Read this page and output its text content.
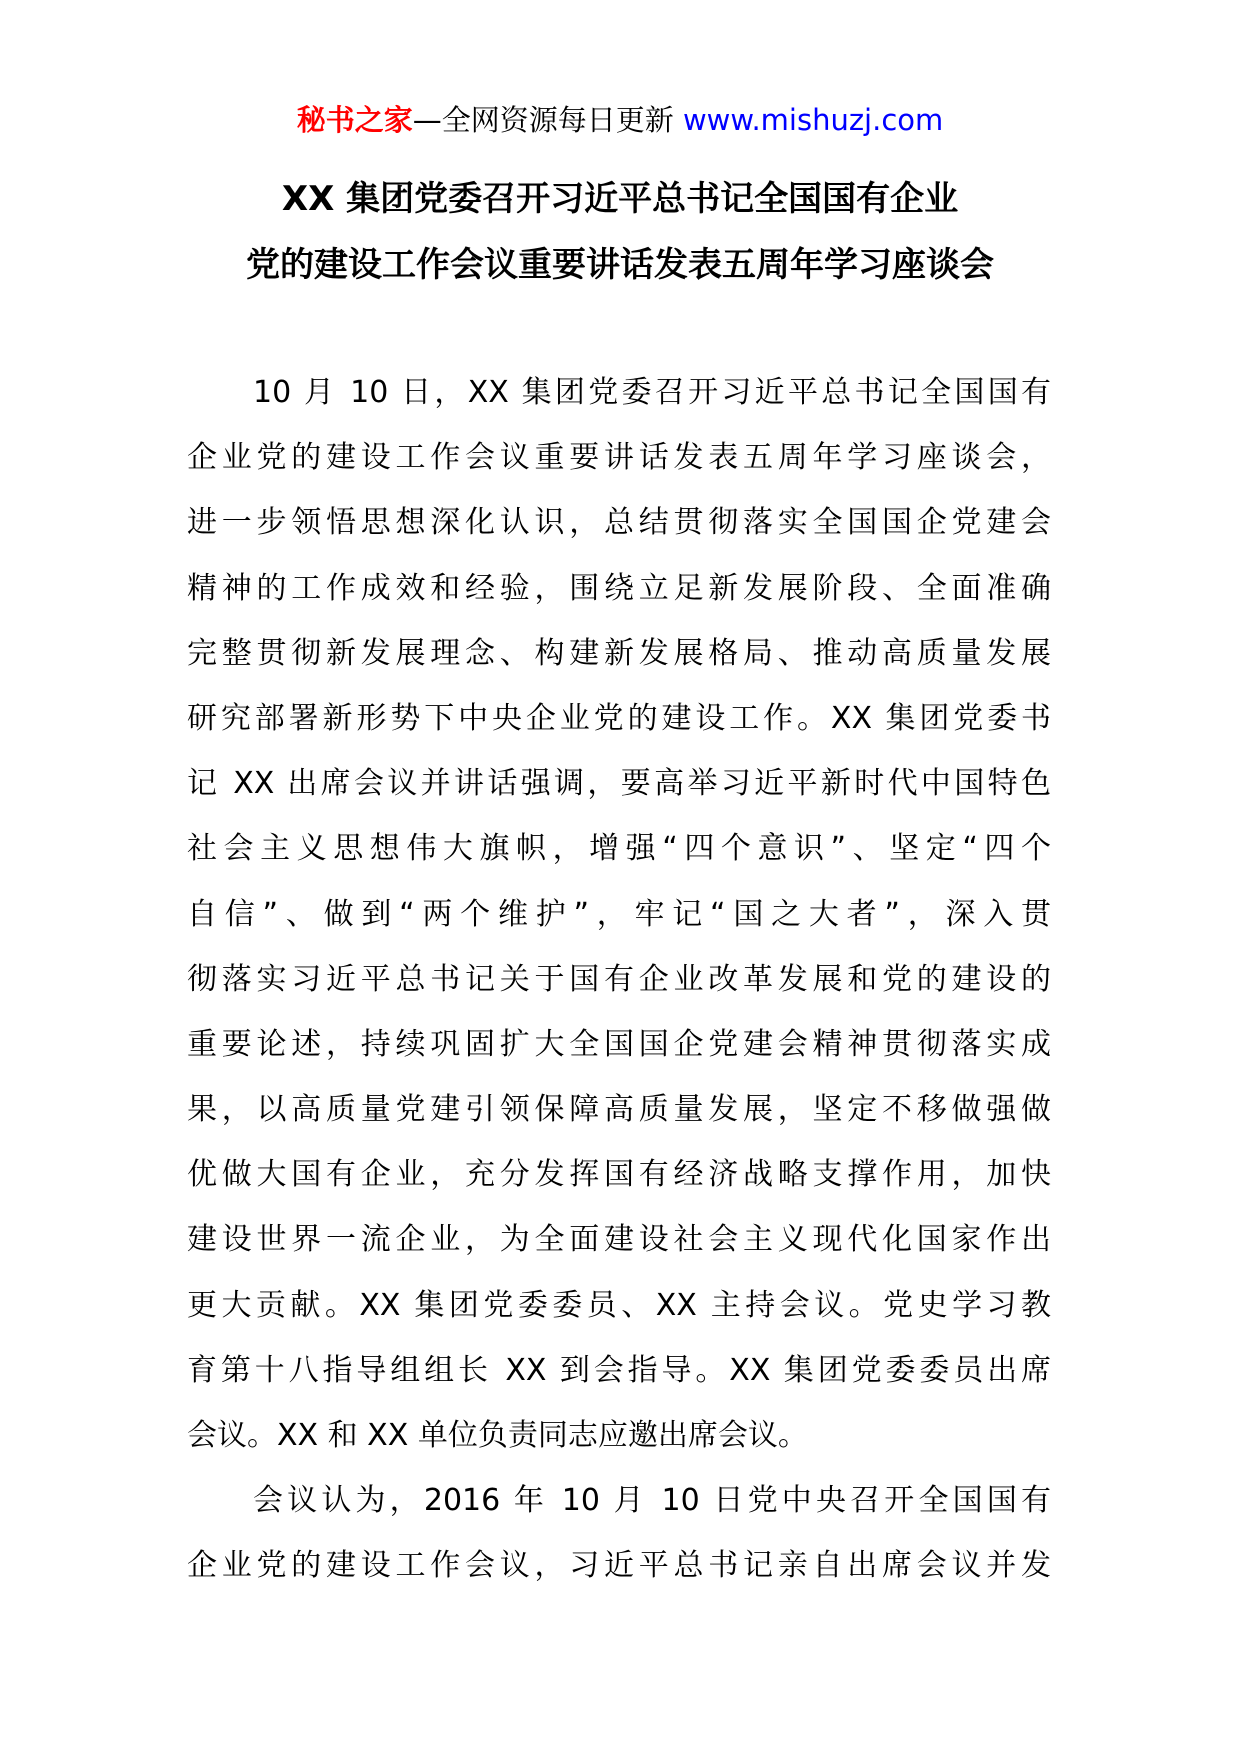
秘书之家—全网资源每日更新 www.mishuzj.com
XX 集团党委召开习近平总书记全国国有企业
党的建设工作会议重要讲话发表五周年学习座谈会
10 月 10 日，XX 集团党委召开习近平总书记全国国有
企业党的建设工作会议重要讲话发表五周年学习座谈会，
进一步领悟思想深化认识，总结贯彻落实全国国企党建会
精神的工作成效和经验，围绕立足新发展阶段、全面准确
完整贯彻新发展理念、构建新发展格局、推动高质量发展
研究部署新形势下中央企业党的建设工作。XX 集团党委书
记 XX 出席会议并讲话强调，要高举习近平新时代中国特色
社会主义思想伟大旗帜，增强“四个意识”、坚定“四个
自信”、做到“两个维护”，牢记“国之大者”，深入贯
彻落实习近平总书记关于国有企业改革发展和党的建设的
重要论述，持续巩固扩大全国国企党建会精神贯彻落实成
果，以高质量党建引领保障高质量发展，坚定不移做强做
优做大国有企业，充分发挥国有经济战略支撑作用，加快
建设世界一流企业，为全面建设社会主义现代化国家作出
更大贡献。XX 集团党委委员、XX 主持会议。党史学习教
育第十八指导组组长 XX 到会指导。XX 集团党委委员出席
会议。XX 和 XX 单位负责同志应邀出席会议。
会议认为，2016 年 10 月 10 日党中央召开全国国有
企业党的建设工作会议，习近平总书记亲自出席会议并发
